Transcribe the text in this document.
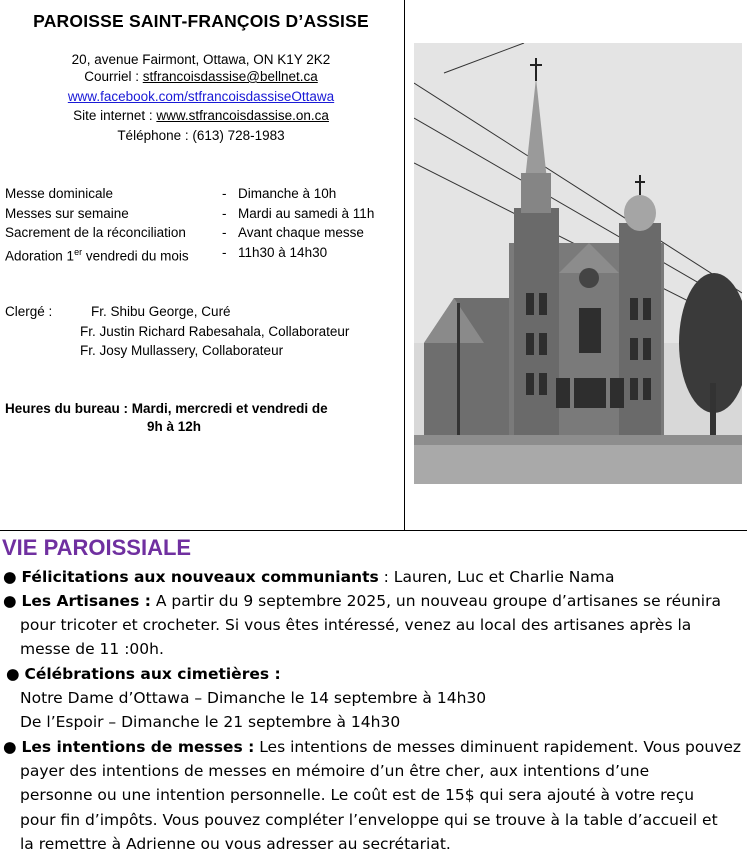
PAROISSE SAINT-FRANÇOIS D’ASSISE
20, avenue Fairmont, Ottawa, ON K1Y 2K2
Courriel : stfrancoisdassise@bellnet.ca
www.facebook.com/stfrancoisdassiseOttawa
Site internet : www.stfrancoisdassise.on.ca
Téléphone : (613) 728-1983
Messe dominicale	- Dimanche à 10h
Messes sur semaine	- Mardi au samedi à 11h
Sacrement de la réconciliation	- Avant chaque messe
Adoration 1er vendredi du mois - 11h30 à 14h30
Clergé :	Fr. Shibu George, Curé
Fr. Justin Richard Rabesahala, Collaborateur
Fr. Josy Mullassery, Collaborateur
Heures du bureau : Mardi, mercredi et vendredi de
9h à 12h
VIE PAROISSIALE
● Félicitations aux nouveaux communiants : Lauren, Luc et Charlie Nama
● Les Artisanes : A partir du 9 septembre 2025, un nouveau groupe d’artisanes se réunira
pour tricoter et crocheter. Si vous êtes intéressé, venez au local des artisanes après la
messe de 11 :00h.
● Célébrations aux cimetières :
Notre Dame d’Ottawa – Dimanche le 14 septembre à 14h30
De l’Espoir – Dimanche le 21 septembre à 14h30
● Les intentions de messes : Les intentions de messes diminuent rapidement. Vous pouvez
payer des intentions de messes en mémoire d’un être cher, aux intentions d’une
personne ou une intention personnelle. Le coût est de 15$ qui sera ajouté à votre reçu
pour fin d’impôts. Vous pouvez compléter l’enveloppe qui se trouve à la table d’accueil et
la remettre à Adrienne ou vous adresser au secrétariat.
